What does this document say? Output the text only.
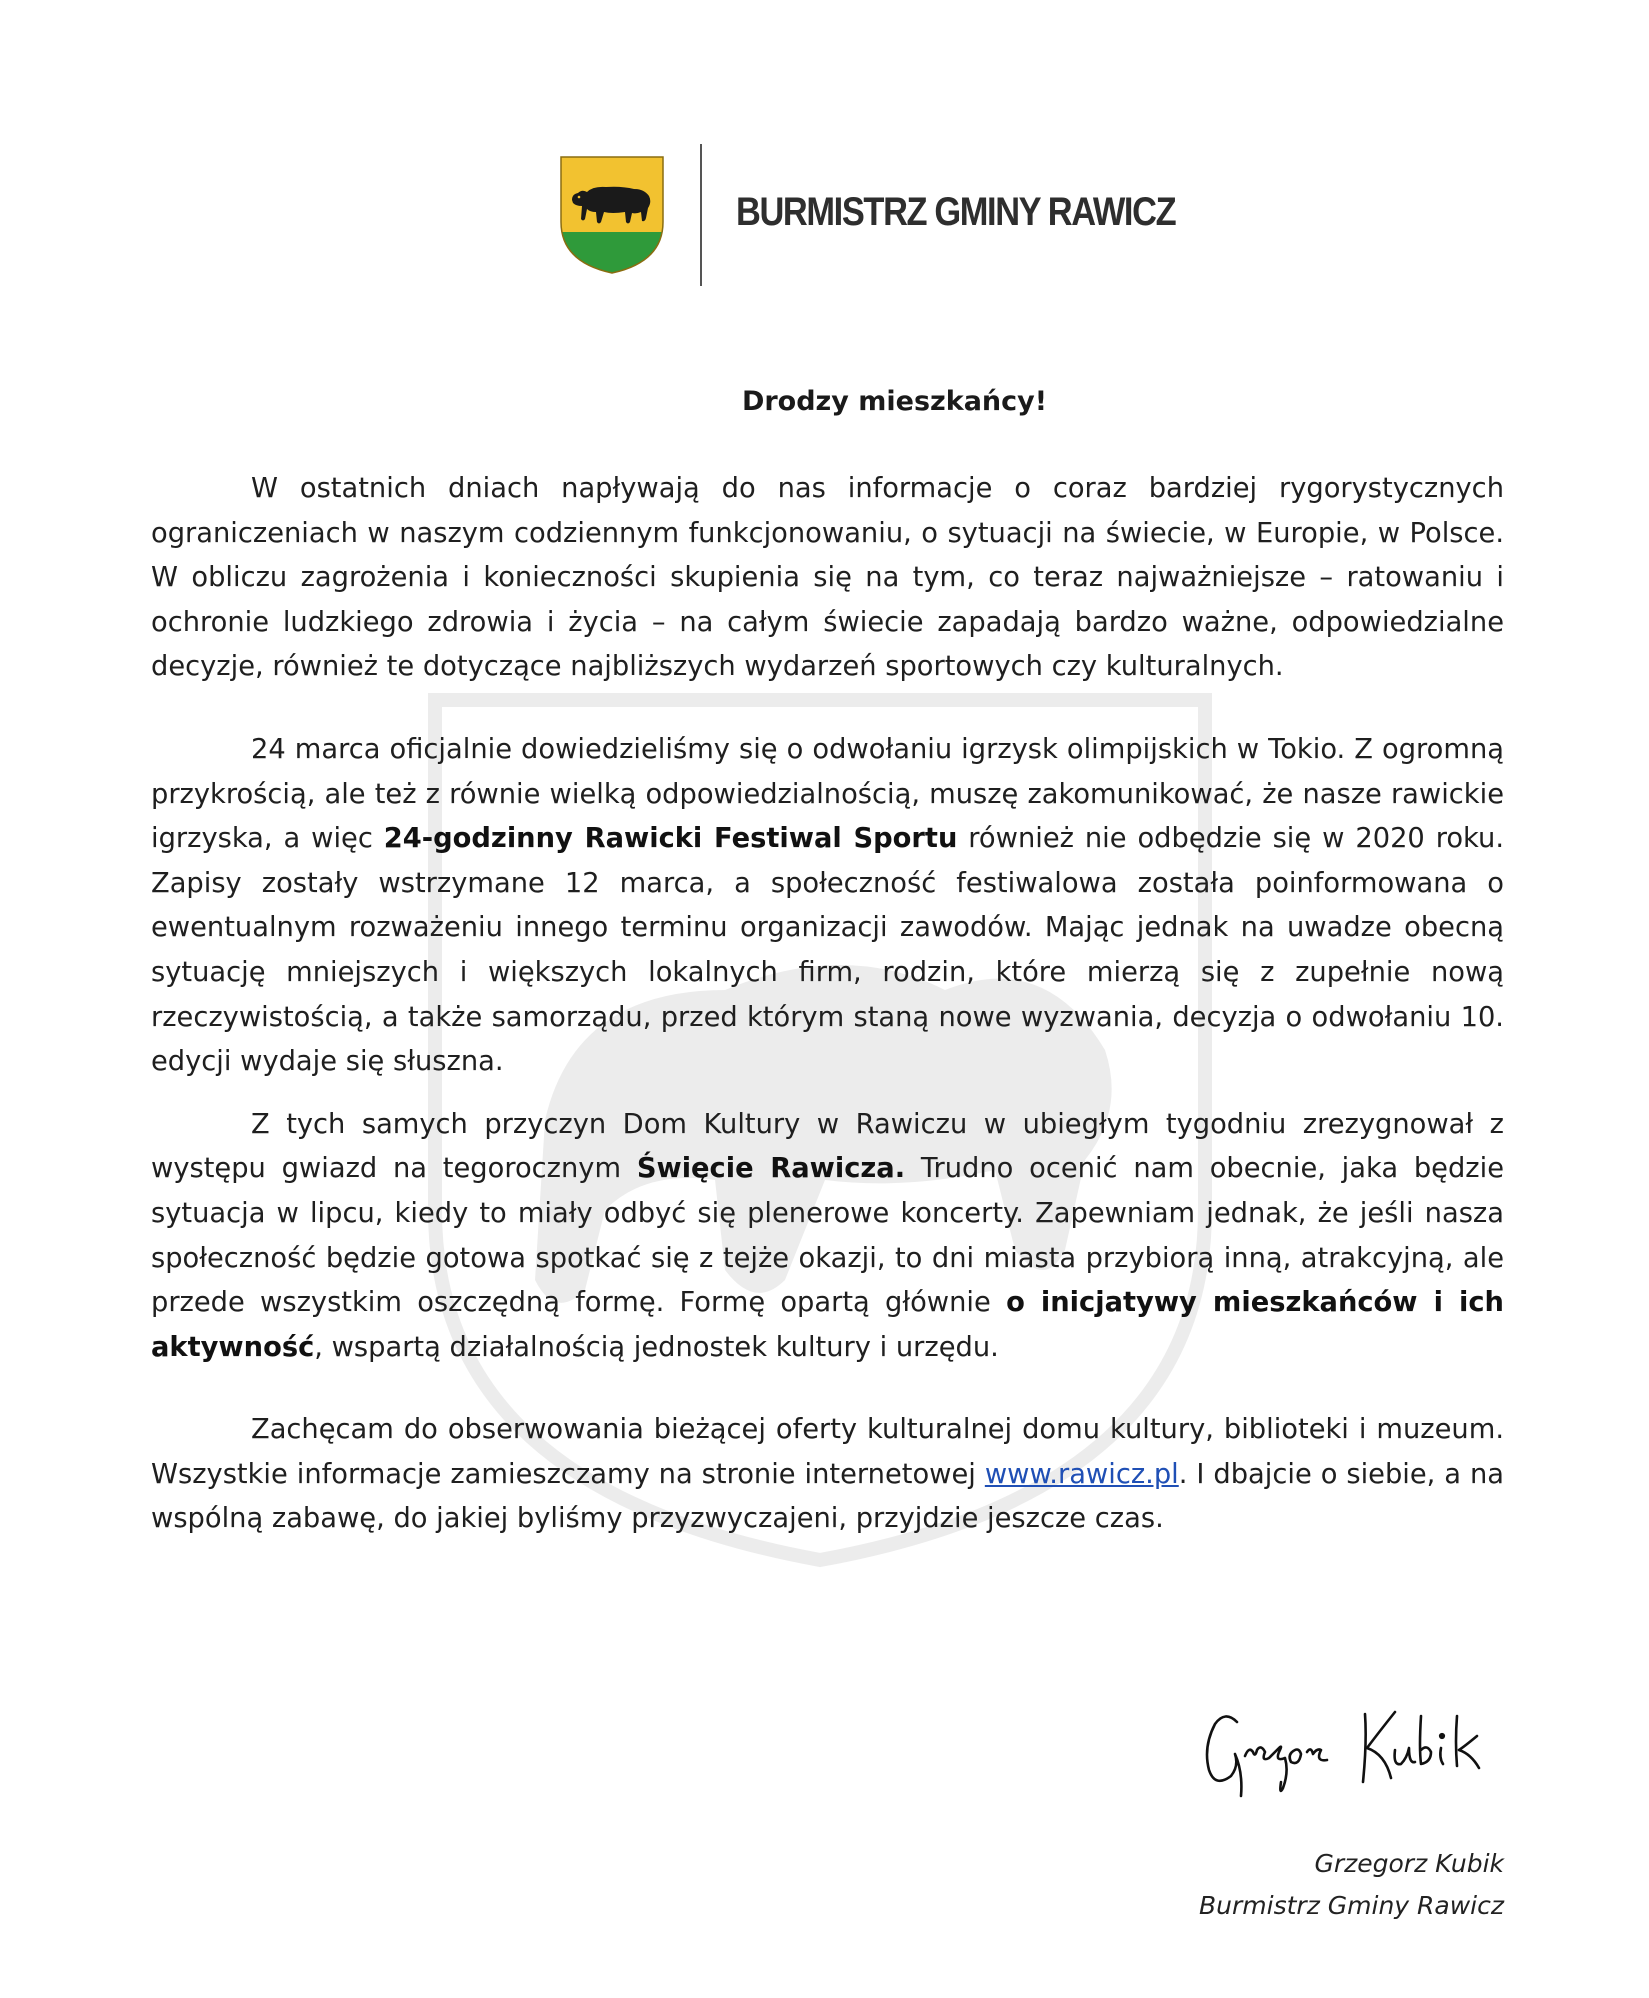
BURMISTRZ GMINY RAWICZ
Drodzy mieszkańcy!

W ostatnich dniach napływają do nas informacje o coraz bardziej rygorystycznych ograniczeniach w naszym codziennym funkcjonowaniu, o sytuacji na świecie, w Europie, w Polsce. W obliczu zagrożenia i konieczności skupienia się na tym, co teraz najważniejsze – ratowaniu i ochronie ludzkiego zdrowia i życia – na całym świecie zapadają bardzo ważne, odpowiedzialne decyzje, również te dotyczące najbliższych wydarzeń sportowych czy kulturalnych.

24 marca oficjalnie dowiedzieliśmy się o odwołaniu igrzysk olimpijskich w Tokio. Z ogromną przykrością, ale też z równie wielką odpowiedzialnością, muszę zakomunikować, że nasze rawickie igrzyska, a więc 24-godzinny Rawicki Festiwal Sportu również nie odbędzie się w 2020 roku. Zapisy zostały wstrzymane 12 marca, a społeczność festiwalowa została poinformowana o ewentualnym rozważeniu innego terminu organizacji zawodów. Mając jednak na uwadze obecną sytuację mniejszych i większych lokalnych firm, rodzin, które mierzą się z zupełnie nową rzeczywistością, a także samorządu, przed którym staną nowe wyzwania, decyzja o odwołaniu 10. edycji wydaje się słuszna.

Z tych samych przyczyn Dom Kultury w Rawiczu w ubiegłym tygodniu zrezygnował z występu gwiazd na tegorocznym Święcie Rawicza. Trudno ocenić nam obecnie, jaka będzie sytuacja w lipcu, kiedy to miały odbyć się plenerowe koncerty. Zapewniam jednak, że jeśli nasza społeczność będzie gotowa spotkać się z tejże okazji, to dni miasta przybiorą inną, atrakcyjną, ale przede wszystkim oszczędną formę. Formę opartą głównie o inicjatywy mieszkańców i ich aktywność, wspartą działalnością jednostek kultury i urzędu.

Zachęcam do obserwowania bieżącej oferty kulturalnej domu kultury, biblioteki i muzeum. Wszystkie informacje zamieszczamy na stronie internetowej www.rawicz.pl. I dbajcie o siebie, a na wspólną zabawę, do jakiej byliśmy przyzwyczajeni, przyjdzie jeszcze czas.

Grzegorz Kubik
Burmistrz Gminy Rawicz
